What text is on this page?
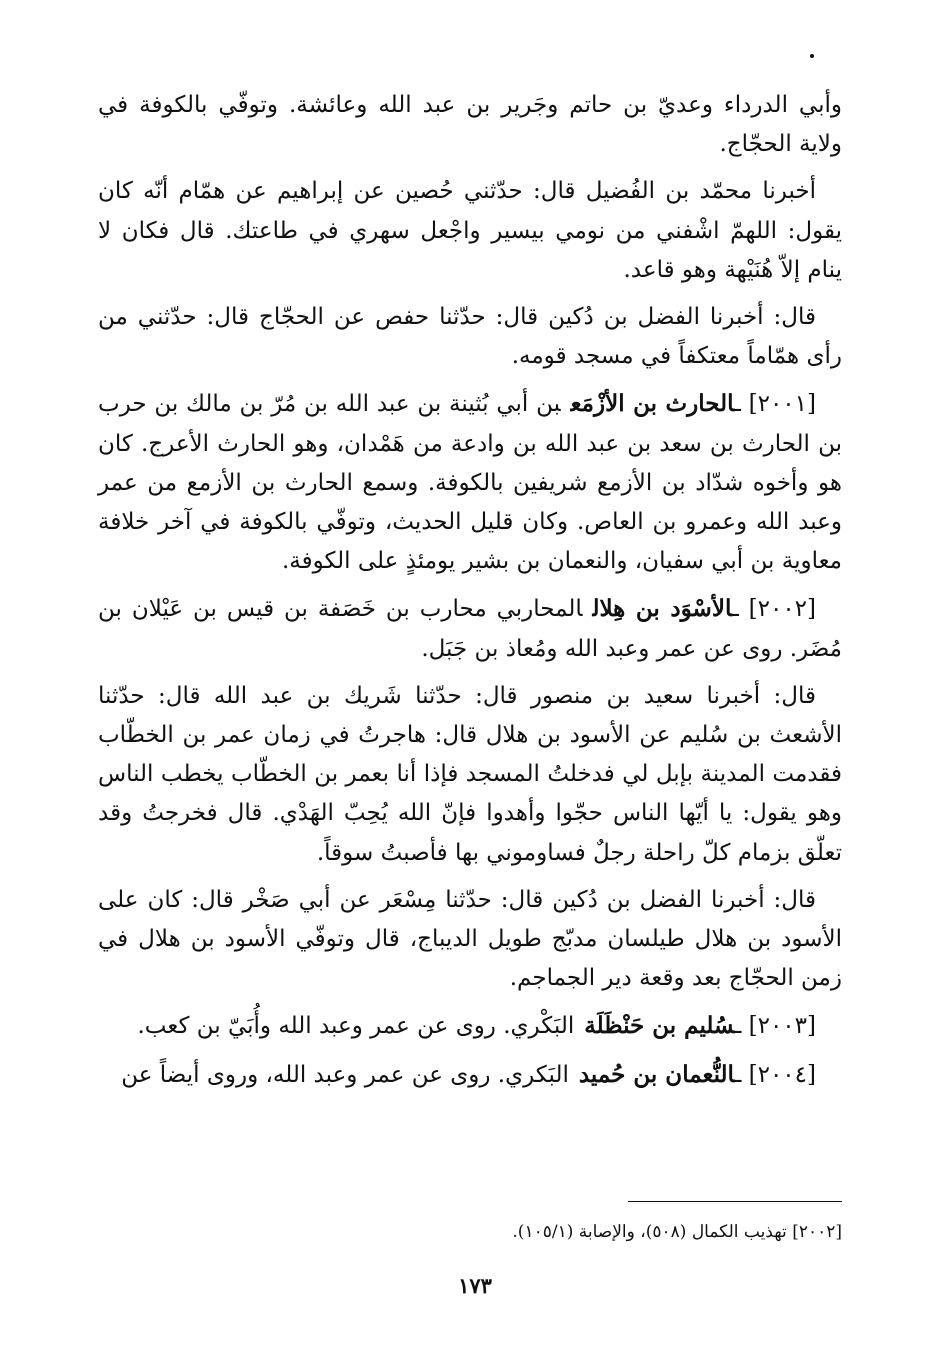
وأبي الدرداء وعديّ بن حاتم وجَرير بن عبد الله وعائشة. وتوفّي بالكوفة في ولاية الحجّاج.

أخبرنا محمّد بن الفُضيل قال: حدّثني حُصين عن إبراهيم عن همّام أنّه كان يقول: اللهمّ اشْفني من نومي بيسير واجْعل سهري في طاعتك. قال فكان لا ينام إلاّ هُنَيْهة وهو قاعد.

قال: أخبرنا الفضل بن دُكين قال: حدّثنا حفص عن الحجّاج قال: حدّثني من رأى همّاماً معتكفاً في مسجد قومه.

[٢٠٠١] ـالحارث بن الأزْمَعبن أبي بُثينة بن عبد الله بن مُرّ بن مالك بن حرب بن الحارث بن سعد بن عبد الله بن وادعة من هَمْدان، وهو الحارث الأعرج. كان هو وأخوه شدّاد بن الأزمع شريفين بالكوفة. وسمع الحارث بن الأزمع من عمر وعبد الله وعمرو بن العاص. وكان قليل الحديث، وتوفّي بالكوفة في آخر خلافة معاوية بن أبي سفيان، والنعمان بن بشير يومئذٍ على الكوفة.

[٢٠٠٢] ـالأسْوَد بن هِلالالمحاربي محارب بن خَصَفة بن قيس بن عَيْلان بن مُضَر. روى عن عمر وعبد الله ومُعاذ بن جَبَل.

قال: أخبرنا سعيد بن منصور قال: حدّثنا شَريك بن عبد الله قال: حدّثنا الأشعث بن سُليم عن الأسود بن هلال قال: هاجرتُ في زمان عمر بن الخطّاب فقدمت المدينة بإبل لي فدخلتُ المسجد فإذا أنا بعمر بن الخطّاب يخطب الناس وهو يقول: يا أيّها الناس حجّوا وأهدوا فإنّ الله يُحِبّ الهَدْي. قال فخرجتُ وقد تعلّق بزمام كلّ راحلة رجلٌ فساوموني بها فأصبتُ سوقاً.

قال: أخبرنا الفضل بن دُكين قال: حدّثنا مِسْعَر عن أبي صَخْر قال: كان على الأسود بن هلال طيلسان مدبّج طويل الديباج، قال وتوفّي الأسود بن هلال في زمن الحجّاج بعد وقعة دير الجماجم.

[٢٠٠٣] ـسُليم بن حَنْظَلَةالبَكْري. روى عن عمر وعبد الله وأُبَيّ بن كعب.

[٢٠٠٤] ـالنُّعمان بن حُميدالبَكري. روى عن عمر وعبد الله، وروى أيضاً عن

[٢٠٠٢] تهذيب الكمال (٥٠٨)، والإصابة (١٠٥/١).
١٧٣
